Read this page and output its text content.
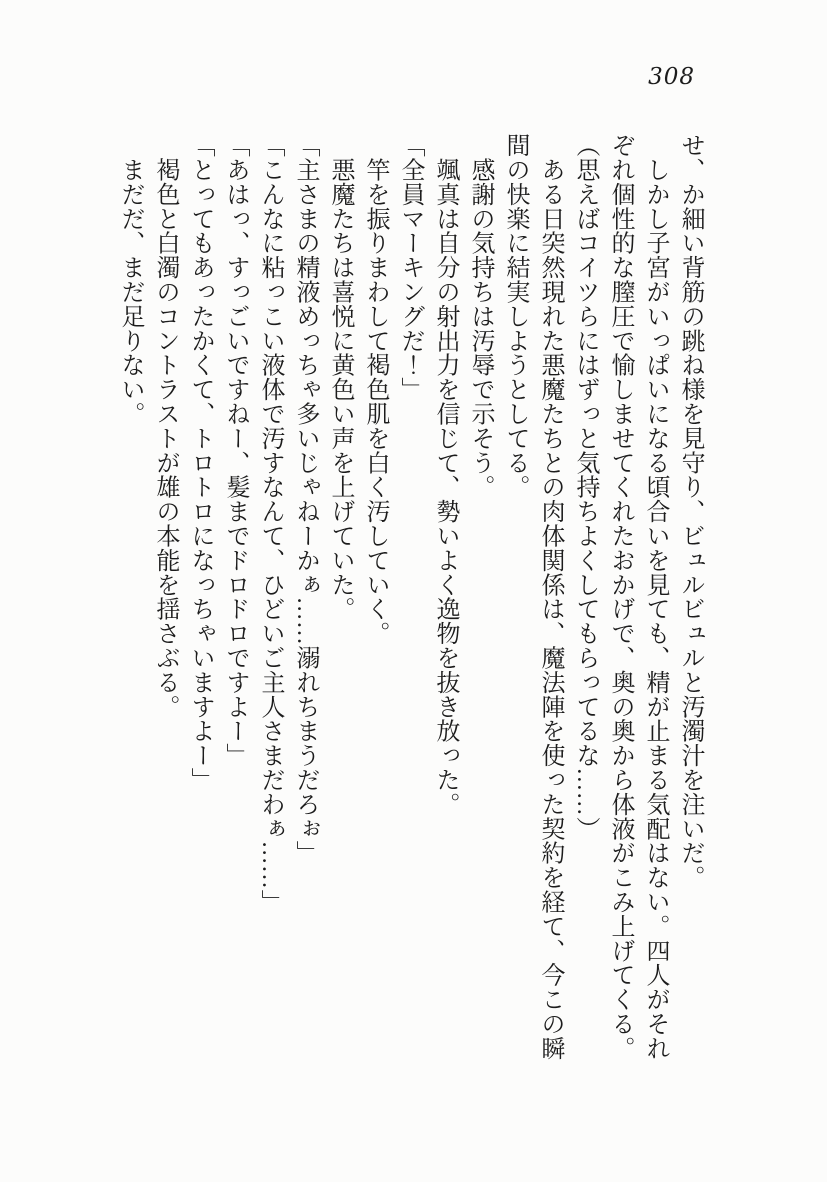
308

せ、か細い背筋の跳ね様を見守り、ビュルビュルと汚濁汁を注いだ。

　しかし子宮がいっぱいになる頃合いを見ても、精が止まる気配はない。四人がそれぞれ個性的な膣圧で愉しませてくれたおかげで、奥の奥から体液がこみ上げてくる。

（思えばコイツらにはずっと気持ちよくしてもらってるな……）

　ある日突然現れた悪魔たちとの肉体関係は、魔法陣を使った契約を経て、今この瞬間の快楽に結実しようとしてる。

　感謝の気持ちは汚辱で示そう。

　颯真は自分の射出力を信じて、勢いよく逸物を抜き放った。

「全員マーキングだ！」

　竿を振りまわして褐色肌を白く汚していく。

　悪魔たちは喜悦に黄色い声を上げていた。

「主さまの精液めっちゃ多いじゃねーかぁ……溺れちまうだろぉ」

「こんなに粘っこい液体で汚すなんて、ひどいご主人さまだわぁ……」

「あはっ、すっごいですねー、髪までドロドロですよー」

「とってもあったかくて、トロトロになっちゃいますよー」

　褐色と白濁のコントラストが雄の本能を揺さぶる。

　まだだ、まだ足りない。
